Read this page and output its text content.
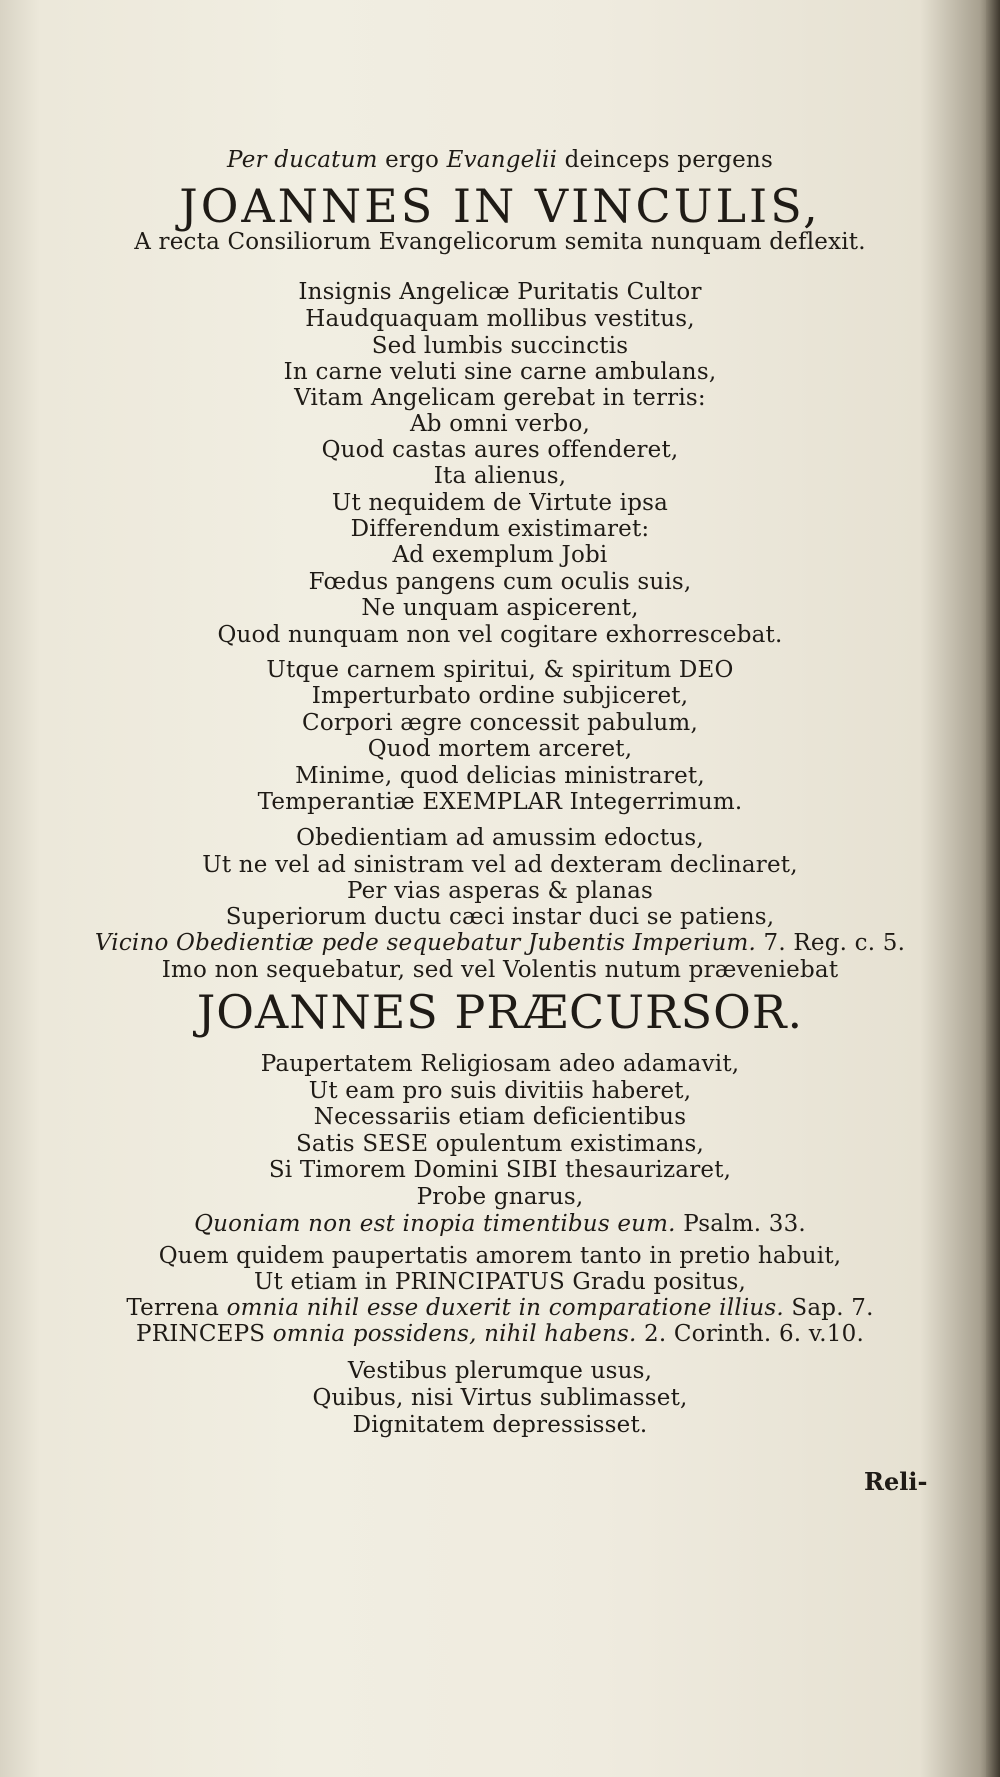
Per ducatum ergo Evangelii deinceps pergens
JOANNES IN VINCULIS,
A recta Consiliorum Evangelicorum semita nunquam deflexit.
Insignis Angelicæ Puritatis Cultor
Haudquaquam mollibus vestitus,
Sed lumbis succinctis
In carne veluti sine carne ambulans,
Vitam Angelicam gerebat in terris:
Ab omni verbo,
Quod castas aures offenderet,
Ita alienus,
Ut nequidem de Virtute ipsa
Differendum existimaret:
Ad exemplum Jobi
Fœdus pangens cum oculis suis,
Ne unquam aspicerent,
Quod nunquam non vel cogitare exhorrescebat.
Utque carnem spiritui, & spiritum DEO
Imperturbato ordine subjiceret,
Corpori ægre concessit pabulum,
Quod mortem arceret,
Minime, quod delicias ministraret,
Temperantiæ EXEMPLAR Integerrimum.
Obedientiam ad amussim edoctus,
Ut ne vel ad sinistram vel ad dexteram declinaret,
Per vias asperas & planas
Superiorum ductu cæci instar duci se patiens,
Vicino Obedientiæ pede sequebatur Jubentis Imperium. 7. Reg. c. 5.
Imo non sequebatur, sed vel Volentis nutum præveniebat
JOANNES PRÆCURSOR.
Paupertatem Religiosam adeo adamavit,
Ut eam pro suis divitiis haberet,
Necessariis etiam deficientibus
Satis SESE opulentum existimans,
Si Timorem Domini SIBI thesaurizaret,
Probe gnarus,
Quoniam non est inopia timentibus eum. Psalm. 33.
Quem quidem paupertatis amorem tanto in pretio habuit,
Ut etiam in PRINCIPATUS Gradu positus,
Terrena omnia nihil esse duxerit in comparatione illius. Sap. 7.
PRINCEPS omnia possidens, nihil habens. 2. Corinth. 6. v.10.
Vestibus plerumque usus,
Quibus, nisi Virtus sublimasset,
Dignitatem depressisset.
Reli-
